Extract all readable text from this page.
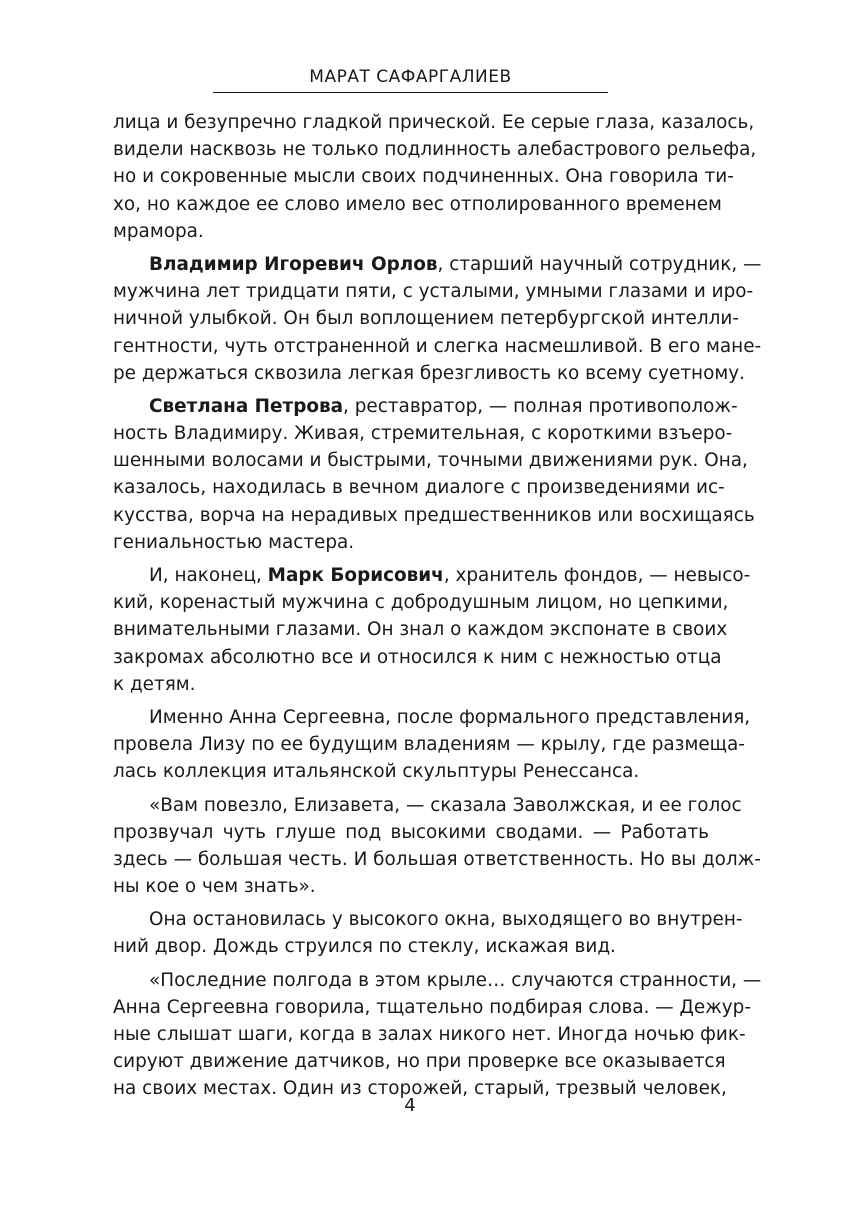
МАРАТ САФАРГАЛИЕВ
лица и безупречно гладкой прической. Ее серые глаза, казалось,
видели насквозь не только подлинность алебастрового рельефа,
но и сокровенные мысли своих подчиненных. Она говорила ти-
хо, но каждое ее слово имело вес отполированного временем
мрамора.
Владимир Игоревич Орлов, старший научный сотрудник, —
мужчина лет тридцати пяти, с усталыми, умными глазами и иро-
ничной улыбкой. Он был воплощением петербургской интелли-
гентности, чуть отстраненной и слегка насмешливой. В его мане-
ре держаться сквозила легкая брезгливость ко всему суетному.
Светлана Петрова, реставратор, — полная противополож-
ность Владимиру. Живая, стремительная, с короткими взъеро-
шенными волосами и быстрыми, точными движениями рук. Она,
казалось, находилась в вечном диалоге с произведениями ис-
кусства, ворча на нерадивых предшественников или восхищаясь
гениальностью мастера.
И, наконец, Марк Борисович, хранитель фондов, — невысо-
кий, коренастый мужчина с добродушным лицом, но цепкими,
внимательными глазами. Он знал о каждом экспонате в своих
закромах абсолютно все и относился к ним с нежностью отца
к детям.
Именно Анна Сергеевна, после формального представления,
провела Лизу по ее будущим владениям — крылу, где размеща-
лась коллекция итальянской скульптуры Ренессанса.
«Вам повезло, Елизавета, — сказала Заволжская, и ее голос
прозвучал чуть глуше под высокими сводами. — Работать
здесь — большая честь. И большая ответственность. Но вы долж-
ны кое о чем знать».
Она остановилась у высокого окна, выходящего во внутрен-
ний двор. Дождь струился по стеклу, искажая вид.
«Последние полгода в этом крыле… случаются странности, —
Анна Сергеевна говорила, тщательно подбирая слова. — Дежур-
ные слышат шаги, когда в залах никого нет. Иногда ночью фик-
сируют движение датчиков, но при проверке все оказывается
на своих местах. Один из сторожей, старый, трезвый человек,
4
